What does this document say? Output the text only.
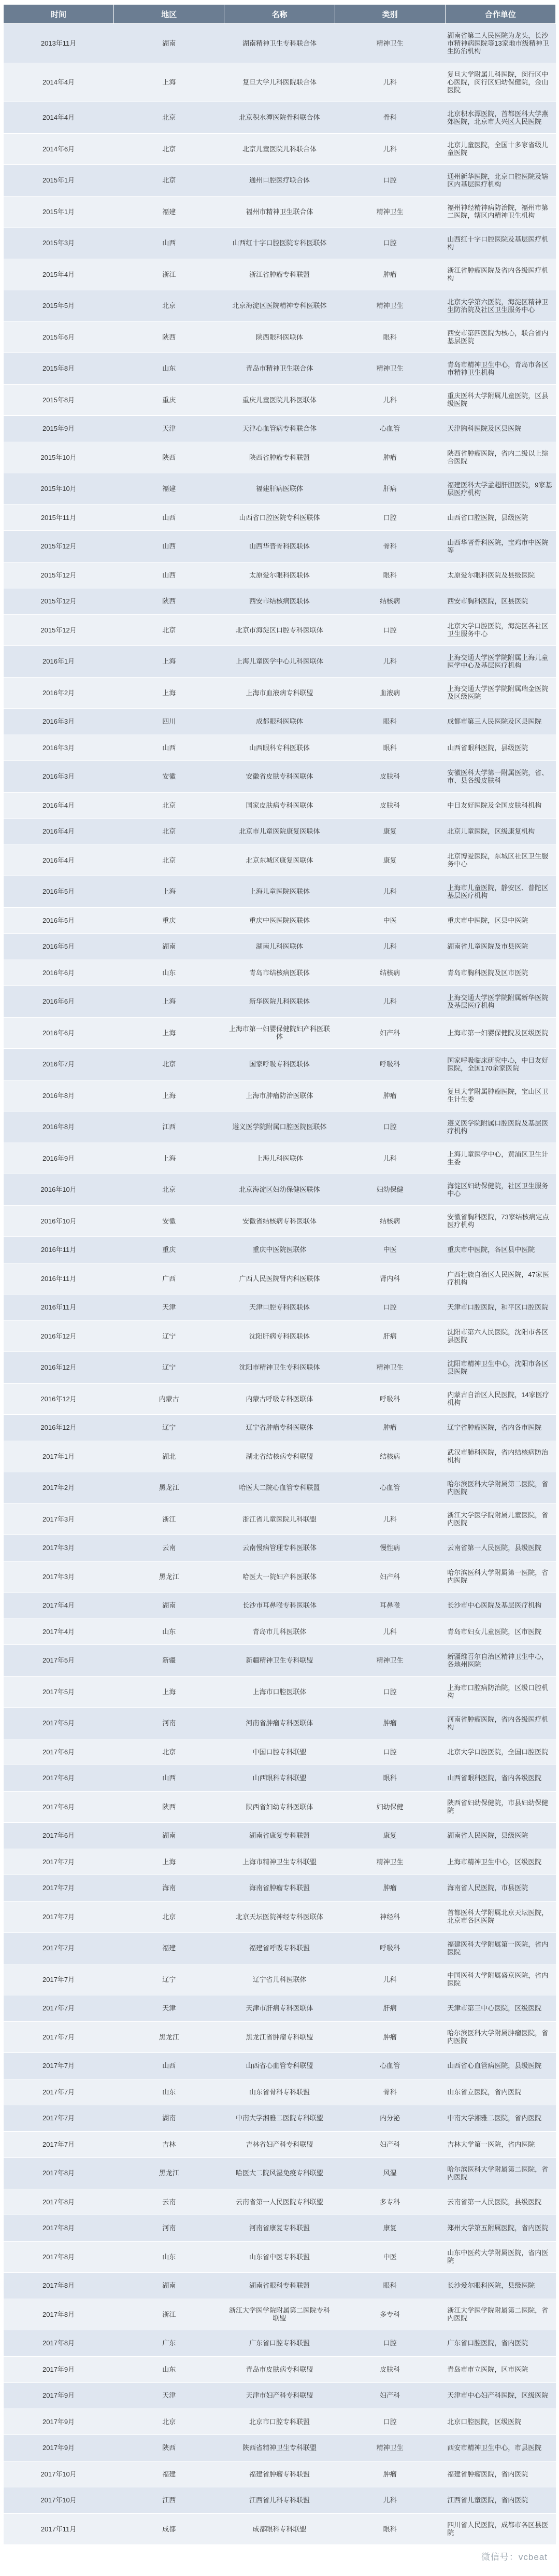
时间	地区	名称	类别	合作单位
2013年11月	湖南	湖南精神卫生专科联合体	精神卫生	湖南省第二人民医院为龙头，长沙市精神病医院等13家地市级精神卫生防治机构
2014年4月	上海	复旦大学儿科医院联合体	儿科	复旦大学附属儿科医院，闵行区中心医院，闵行区妇幼保健院，金山医院
2014年4月	北京	北京积水潭医院骨科联合体	骨科	北京积水潭医院，首都医科大学燕郊医院，北京市大兴区人民医院
2014年6月	北京	北京儿童医院儿科联合体	儿科	北京儿童医院，全国十多家省级儿童医院
2015年1月	北京	通州口腔医疗联合体	口腔	通州新华医院，北京口腔医院及辖区内基层医疗机构
2015年1月	福建	福州市精神卫生联合体	精神卫生	福州神经精神病防治院，福州市第二医院，辖区内精神卫生机构
2015年3月	山西	山西红十字口腔医院专科医联体	口腔	山西红十字口腔医院及基层医疗机构
2015年4月	浙江	浙江省肿瘤专科联盟	肿瘤	浙江省肿瘤医院及省内各级医疗机构
2015年5月	北京	北京海淀区医院精神专科医联体	精神卫生	北京大学第六医院，海淀区精神卫生防治院及社区卫生服务中心
2015年6月	陕西	陕西眼科医联体	眼科	西安市第四医院为核心，联合省内基层医院
2015年8月	山东	青岛市精神卫生联合体	精神卫生	青岛市精神卫生中心，青岛市各区市精神卫生机构
2015年8月	重庆	重庆儿童医院儿科医联体	儿科	重庆医科大学附属儿童医院，区县级医院
2015年9月	天津	天津心血管病专科联合体	心血管	天津胸科医院及区县医院
2015年10月	陕西	陕西省肿瘤专科联盟	肿瘤	陕西省肿瘤医院，省内二级以上综合医院
2015年10月	福建	福建肝病医联体	肝病	福建医科大学孟超肝胆医院，9家基层医疗机构
2015年11月	山西	山西省口腔医院专科医联体	口腔	山西省口腔医院，县级医院
2015年12月	山西	山西华晋骨科医联体	骨科	山西华晋骨科医院，宝鸡市中医院等
2015年12月	山西	太原爱尔眼科医联体	眼科	太原爱尔眼科医院及县级医院
2015年12月	陕西	西安市结核病医联体	结核病	西安市胸科医院，区县医院
2015年12月	北京	北京市海淀区口腔专科医联体	口腔	北京大学口腔医院，海淀区各社区卫生服务中心
2016年1月	上海	上海儿童医学中心儿科医联体	儿科	上海交通大学医学院附属上海儿童医学中心及基层医疗机构
2016年2月	上海	上海市血液病专科联盟	血液病	上海交通大学医学院附属瑞金医院及区级医院
2016年3月	四川	成都眼科医联体	眼科	成都市第三人民医院及区县医院
2016年3月	山西	山西眼科专科医联体	眼科	山西省眼科医院，县级医院
2016年3月	安徽	安徽省皮肤专科医联体	皮肤科	安徽医科大学第一附属医院，省、市、县各级皮肤科
2016年4月	北京	国家皮肤病专科医联体	皮肤科	中日友好医院及全国皮肤科机构
2016年4月	北京	北京市儿童医院康复医联体	康复	北京儿童医院，区级康复机构
2016年4月	北京	北京东城区康复医联体	康复	北京博爱医院，东城区社区卫生服务中心
2016年5月	上海	上海儿童医院医联体	儿科	上海市儿童医院，静安区、普陀区基层医疗机构
2016年5月	重庆	重庆中医医院医联体	中医	重庆市中医院，区县中医院
2016年5月	湖南	湖南儿科医联体	儿科	湖南省儿童医院及市县医院
2016年6月	山东	青岛市结核病医联体	结核病	青岛市胸科医院及区市医院
2016年6月	上海	新华医院儿科医联体	儿科	上海交通大学医学院附属新华医院及基层医疗机构
2016年6月	上海	上海市第一妇婴保健院妇产科医联体	妇产科	上海市第一妇婴保健院及区级医院
2016年7月	北京	国家呼吸专科医联体	呼吸科	国家呼吸临床研究中心，中日友好医院，全国170余家医院
2016年8月	上海	上海市肿瘤防治医联体	肿瘤	复旦大学附属肿瘤医院，宝山区卫生计生委
2016年8月	江西	遵义医学院附属口腔医院医联体	口腔	遵义医学院附属口腔医院及基层医疗机构
2016年9月	上海	上海儿科医联体	儿科	上海儿童医学中心，黄浦区卫生计生委
2016年10月	北京	北京海淀区妇幼保健医联体	妇幼保健	海淀区妇幼保健院，社区卫生服务中心
2016年10月	安徽	安徽省结核病专科医联体	结核病	安徽省胸科医院，73家结核病定点医疗机构
2016年11月	重庆	重庆中医院医联体	中医	重庆市中医院，各区县中医院
2016年11月	广西	广西人民医院肾内科医联体	肾内科	广西壮族自治区人民医院，47家医疗机构
2016年11月	天津	天津口腔专科医联体	口腔	天津市口腔医院，和平区口腔医院
2016年12月	辽宁	沈阳肝病专科医联体	肝病	沈阳市第六人民医院，沈阳市各区县医院
2016年12月	辽宁	沈阳市精神卫生专科医联体	精神卫生	沈阳市精神卫生中心，沈阳市各区县医院
2016年12月	内蒙古	内蒙古呼吸专科医联体	呼吸科	内蒙古自治区人民医院，14家医疗机构
2016年12月	辽宁	辽宁省肿瘤专科医联体	肿瘤	辽宁省肿瘤医院，省内各市医院
2017年1月	湖北	湖北省结核病专科联盟	结核病	武汉市肺科医院，省内结核病防治机构
2017年2月	黑龙江	哈医大二院心血管专科联盟	心血管	哈尔滨医科大学附属第二医院，省内医院
2017年3月	浙江	浙江省儿童医院儿科联盟	儿科	浙江大学医学院附属儿童医院，省内医院
2017年3月	云南	云南慢病管理专科医联体	慢性病	云南省第一人民医院，县级医院
2017年3月	黑龙江	哈医大一院妇产科医联体	妇产科	哈尔滨医科大学附属第一医院，省内医院
2017年4月	湖南	长沙市耳鼻喉专科医联体	耳鼻喉	长沙市中心医院及基层医疗机构
2017年4月	山东	青岛市儿科医联体	儿科	青岛市妇女儿童医院，区市医院
2017年5月	新疆	新疆精神卫生专科联盟	精神卫生	新疆维吾尔自治区精神卫生中心，各地州医院
2017年5月	上海	上海市口腔医联体	口腔	上海市口腔病防治院，区级口腔机构
2017年5月	河南	河南省肿瘤专科医联体	肿瘤	河南省肿瘤医院，省内各级医疗机构
2017年6月	北京	中国口腔专科联盟	口腔	北京大学口腔医院，全国口腔医院
2017年6月	山西	山西眼科专科联盟	眼科	山西省眼科医院，省内各级医院
2017年6月	陕西	陕西省妇幼专科医联体	妇幼保健	陕西省妇幼保健院，市县妇幼保健院
2017年6月	湖南	湖南省康复专科联盟	康复	湖南省人民医院，县级医院
2017年7月	上海	上海市精神卫生专科联盟	精神卫生	上海市精神卫生中心，区级医院
2017年7月	海南	海南省肿瘤专科联盟	肿瘤	海南省人民医院，市县医院
2017年7月	北京	北京天坛医院神经专科医联体	神经科	首都医科大学附属北京天坛医院，北京市各区医院
2017年7月	福建	福建省呼吸专科联盟	呼吸科	福建医科大学附属第一医院，省内医院
2017年7月	辽宁	辽宁省儿科医联体	儿科	中国医科大学附属盛京医院，省内医院
2017年7月	天津	天津市肝病专科医联体	肝病	天津市第三中心医院，区级医院
2017年7月	黑龙江	黑龙江省肿瘤专科联盟	肿瘤	哈尔滨医科大学附属肿瘤医院，省内医院
2017年7月	山西	山西省心血管专科联盟	心血管	山西省心血管病医院，县级医院
2017年7月	山东	山东省骨科专科联盟	骨科	山东省立医院，省内医院
2017年7月	湖南	中南大学湘雅二医院专科联盟	内分泌	中南大学湘雅二医院，省内医院
2017年7月	吉林	吉林省妇产科专科联盟	妇产科	吉林大学第一医院，省内医院
2017年8月	黑龙江	哈医大二院风湿免疫专科联盟	风湿	哈尔滨医科大学附属第二医院，省内医院
2017年8月	云南	云南省第一人民医院专科联盟	多专科	云南省第一人民医院，县级医院
2017年8月	河南	河南省康复专科联盟	康复	郑州大学第五附属医院，省内医院
2017年8月	山东	山东省中医专科联盟	中医	山东中医药大学附属医院，省内医院
2017年8月	湖南	湖南省眼科专科联盟	眼科	长沙爱尔眼科医院，县级医院
2017年8月	浙江	浙江大学医学院附属第二医院专科联盟	多专科	浙江大学医学院附属第二医院，省内医院
2017年8月	广东	广东省口腔专科联盟	口腔	广东省口腔医院，省内医院
2017年9月	山东	青岛市皮肤病专科联盟	皮肤科	青岛市市立医院，区市医院
2017年9月	天津	天津市妇产科专科联盟	妇产科	天津市中心妇产科医院，区级医院
2017年9月	北京	北京市口腔专科联盟	口腔	北京口腔医院，区级医院
2017年9月	陕西	陕西省精神卫生专科联盟	精神卫生	西安市精神卫生中心，市县医院
2017年10月	福建	福建省肿瘤专科联盟	肿瘤	福建省肿瘤医院，省内医院
2017年10月	江西	江西省儿科专科联盟	儿科	江西省儿童医院，省内医院
2017年11月	成都	成都眼科专科联盟	眼科	四川省人民医院，成都市各区县医院
微信号：vcbeat
